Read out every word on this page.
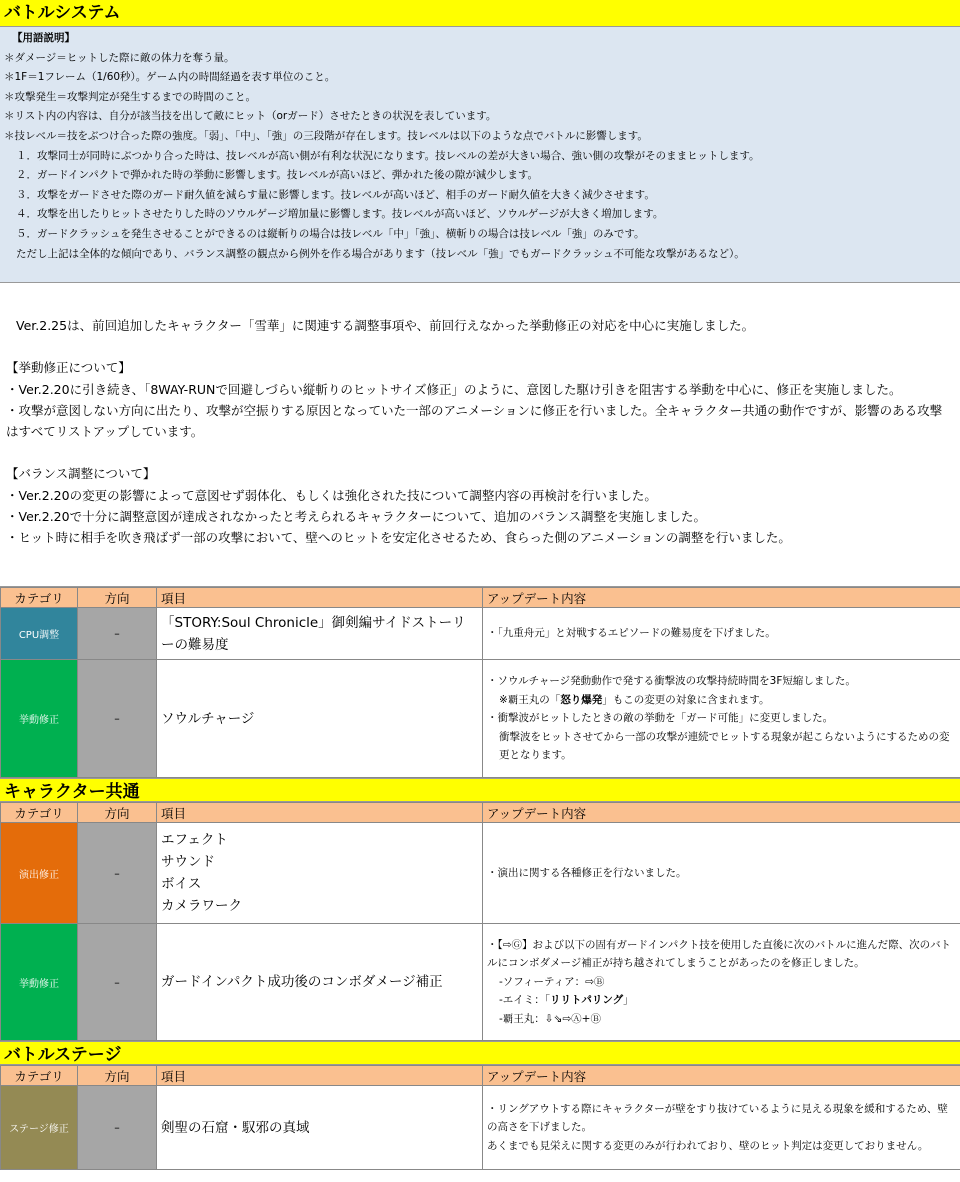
バトルシステム
【用語説明】
＊ダメージ＝ヒットした際に敵の体力を奪う量。
＊1F＝1フレーム（1/60秒）。ゲーム内の時間経過を表す単位のこと。
＊攻撃発生＝攻撃判定が発生するまでの時間のこと。
＊リスト内の内容は、自分が該当技を出して敵にヒット（orガード）させたときの状況を表しています。
＊技レベル＝技をぶつけ合った際の強度。「弱」、「中」、「強」の三段階が存在します。技レベルは以下のような点でバトルに影響します。
１．攻撃同士が同時にぶつかり合った時は、技レベルが高い側が有利な状況になります。技レベルの差が大きい場合、強い側の攻撃がそのままヒットします。
２．ガードインパクトで弾かれた時の挙動に影響します。技レベルが高いほど、弾かれた後の隙が減少します。
３．攻撃をガードさせた際のガード耐久値を減らす量に影響します。技レベルが高いほど、相手のガード耐久値を大きく減少させます。
４．攻撃を出したりヒットさせたりした時のソウルゲージ増加量に影響します。技レベルが高いほど、ソウルゲージが大きく増加します。
５．ガードクラッシュを発生させることができるのは縦斬りの場合は技レベル「中」「強」、横斬りの場合は技レベル「強」のみです。
ただし上記は全体的な傾向であり、バランス調整の観点から例外を作る場合があります（技レベル「強」でもガードクラッシュ不可能な攻撃があるなど）。
Ver.2.25は、前回追加したキャラクター「雪華」に関連する調整事項や、前回行えなかった挙動修正の対応を中心に実施しました。
【挙動修正について】
・Ver.2.20に引き続き、「8WAY-RUNで回避しづらい縦斬りのヒットサイズ修正」のように、意図した駆け引きを阻害する挙動を中心に、修正を実施しました。
・攻撃が意図しない方向に出たり、攻撃が空振りする原因となっていた一部のアニメーションに修正を行いました。全キャラクター共通の動作ですが、影響のある攻撃はすべてリストアップしています。
【バランス調整について】
・Ver.2.20の変更の影響によって意図せず弱体化、もしくは強化された技について調整内容の再検討を行いました。
・Ver.2.20で十分に調整意図が達成されなかったと考えられるキャラクターについて、追加のバランス調整を実施しました。
・ヒット時に相手を吹き飛ばず一部の攻撃において、壁へのヒットを安定化させるため、食らった側のアニメーションの調整を行いました。
カテゴリ	方向	項目	アップデート内容
CPU調整	–	「STORY:Soul Chronicle」御剣編サイドストーリーの難易度	・「九重舟元」と対戦するエピソードの難易度を下げました。
挙動修正	–	ソウルチャージ	・ソウルチャージ発動動作で発する衝撃波の攻撃持続時間を3F短縮しました。
※覇王丸の「怒り爆発」もこの変更の対象に含まれます。
・衝撃波がヒットしたときの敵の挙動を「ガード可能」に変更しました。
衝撃波をヒットさせてから一部の攻撃が連続でヒットする現象が起こらないようにするための変更となります。
キャラクター共通
カテゴリ	方向	項目	アップデート内容
演出修正	–	エフェクト
サウンド
ボイス
カメラワーク	・演出に関する各種修正を行ないました。
挙動修正	–	ガードインパクト成功後のコンボダメージ補正	・【⇨Ⓖ】および以下の固有ガードインパクト技を使用した直後に次のバトルに進んだ際、次のバトルにコンボダメージ補正が持ち越されてしまうことがあったのを修正しました。
-ソフィーティア：⇨Ⓑ
-エイミ：「リリトパリング」
-覇王丸：⇩⇘⇨Ⓐ+Ⓑ
バトルステージ
カテゴリ	方向	項目	アップデート内容
ステージ修正	–	剣聖の石窟・馭邪の真域	・リングアウトする際にキャラクターが壁をすり抜けているように見える現象を緩和するため、壁の高さを下げました。
あくまでも見栄えに関する変更のみが行われており、壁のヒット判定は変更しておりません。
